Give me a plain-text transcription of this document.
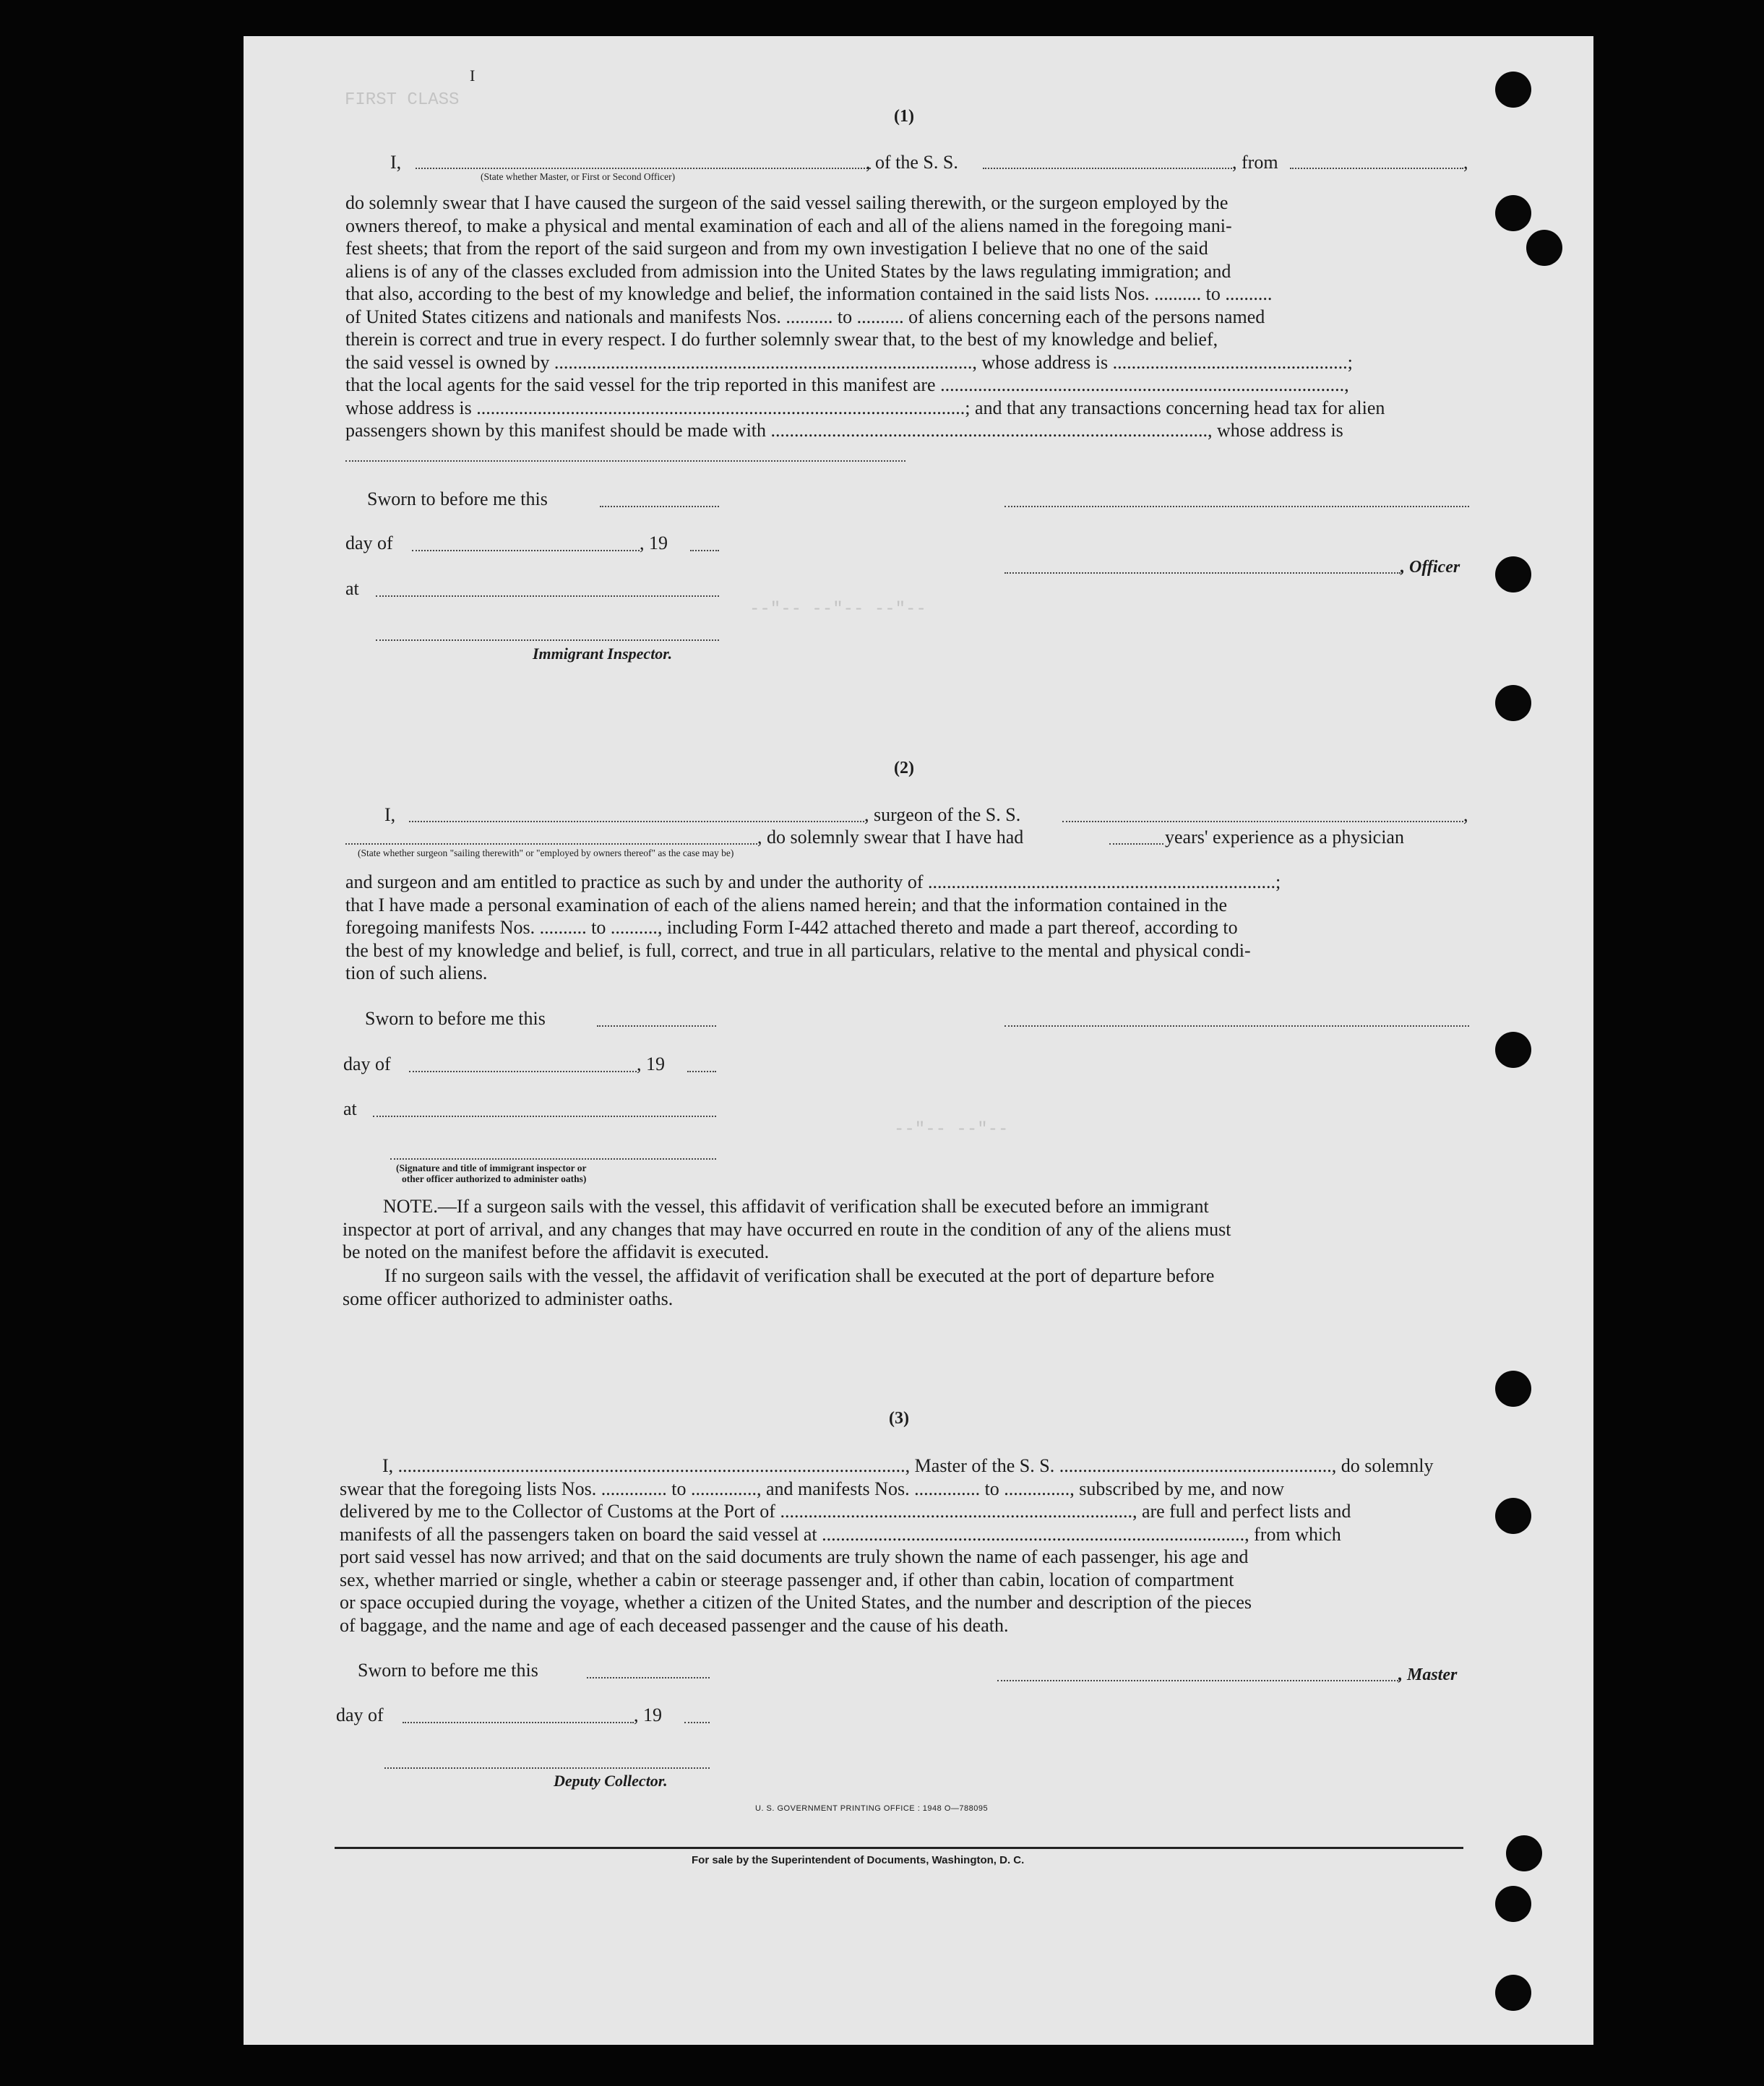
FIRST CLASS
--"-- --"-- --"--
--"-- --"--
I
(1)
I,
(State whether Master, or First or Second Officer)
, of the S. S.	, from	,
do solemnly swear that I have caused the surgeon of the said vessel sailing therewith, or the surgeon employed by the
owners thereof, to make a physical and mental examination of each and all of the aliens named in the foregoing mani-
fest sheets; that from the report of the said surgeon and from my own investigation I believe that no one of the said
aliens is of any of the classes excluded from admission into the United States by the laws regulating immigration; and
that also, according to the best of my knowledge and belief, the information contained in the said lists Nos. .......... to ..........
of United States citizens and nationals and manifests Nos. .......... to .......... of aliens concerning each of the persons named
therein is correct and true in every respect. I do further solemnly swear that, to the best of my knowledge and belief,
the said vessel is owned by ........................................................................................., whose address is ..................................................;
that the local agents for the said vessel for the trip reported in this manifest are ......................................................................................,
whose address is ........................................................................................................; and that any transactions concerning head tax for alien
passengers shown by this manifest should be made with ............................................................................................., whose address is
Sworn to before me this
day of	, 19
, Officer
at
Immigrant Inspector.
(2)
I,	, surgeon of the S. S.	,
, do solemnly swear that I have had	years' experience as a physician
(State whether surgeon "sailing therewith" or "employed by owners thereof" as the case may be)
and surgeon and am entitled to practice as such by and under the authority of ..........................................................................;
that I have made a personal examination of each of the aliens named herein; and that the information contained in the
foregoing manifests Nos. .......... to .........., including Form I-442 attached thereto and made a part thereof, according to
the best of my knowledge and belief, is full, correct, and true in all particulars, relative to the mental and physical condi-
tion of such aliens.
Sworn to before me this
day of	, 19
at
(Signature and title of immigrant inspector or
other officer authorized to administer oaths)
NOTE.—If a surgeon sails with the vessel, this affidavit of verification shall be executed before an immigrant
inspector at port of arrival, and any changes that may have occurred en route in the condition of any of the aliens must
be noted on the manifest before the affidavit is executed.
If no surgeon sails with the vessel, the affidavit of verification shall be executed at the port of departure before
some officer authorized to administer oaths.
(3)
I, ............................................................................................................, Master of the S. S. .........................................................., do solemnly
swear that the foregoing lists Nos. .............. to .............., and manifests Nos. .............. to .............., subscribed by me, and now
delivered by me to the Collector of Customs at the Port of ..........................................................................., are full and perfect lists and
manifests of all the passengers taken on board the said vessel at .........................................................................................., from which
port said vessel has now arrived; and that on the said documents are truly shown the name of each passenger, his age and
sex, whether married or single, whether a cabin or steerage passenger and, if other than cabin, location of compartment
or space occupied during the voyage, whether a citizen of the United States, and the number and description of the pieces
of baggage, and the name and age of each deceased passenger and the cause of his death.
Sworn to before me this	, Master
day of	, 19
Deputy Collector.
U. S. GOVERNMENT PRINTING OFFICE : 1948 O—788095
For sale by the Superintendent of Documents, Washington, D. C.
